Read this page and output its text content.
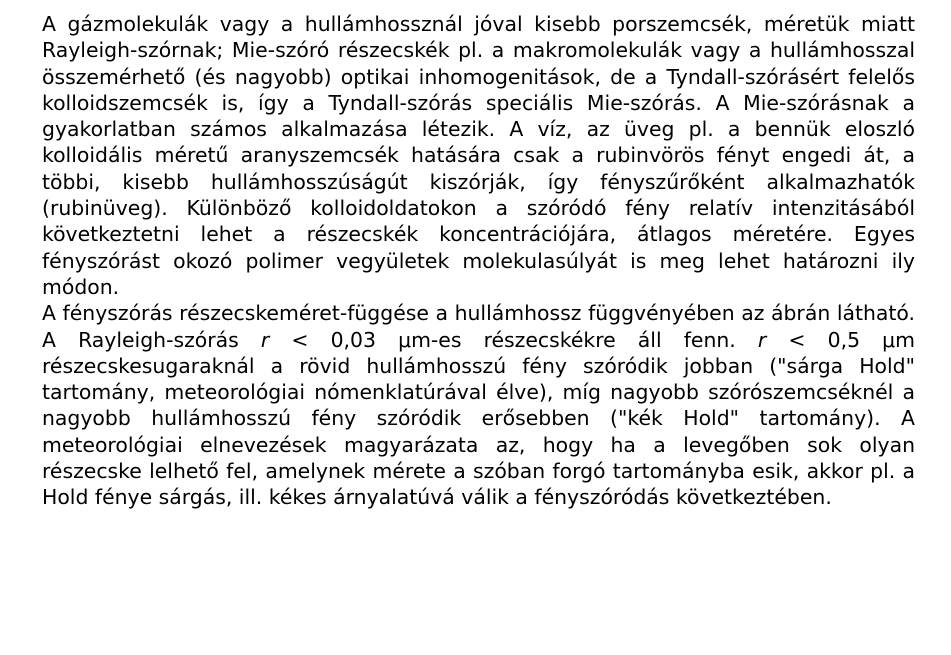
A gázmolekulák vagy a hullámhossznál jóval kisebb porszemcsék, méretük miatt Rayleigh-szórnak; Mie-szóró részecskék pl. a makromolekulák vagy a hullámhosszal összemérhető (és nagyobb) optikai inhomogenitások, de a Tyndall-szórásért felelős kolloidszemcsék is, így a Tyndall-szórás speciális Mie-szórás. A Mie-szórásnak a gyakorlatban számos alkalmazása létezik. A víz, az üveg pl. a bennük eloszló kolloidális méretű aranyszemcsék hatására csak a rubinvörös fényt engedi át, a többi, kisebb hullámhosszúságút kiszórják, így fényszűrőként alkalmazhatók (rubinüveg). Különböző kolloidoldatokon a szóródó fény relatív intenzitásából következtetni lehet a részecskék koncentrációjára, átlagos méretére. Egyes fényszórást okozó polimer vegyületek molekulasúlyát is meg lehet határozni ily módon.

A fényszórás részecskeméret-függése a hullámhossz függvényében az ábrán látható. A Rayleigh-szórás r < 0,03 μm-es részecskékre áll fenn. r < 0,5 μm részecskesugaraknál a rövid hullámhosszú fény szóródik jobban ("sárga Hold" tartomány, meteorológiai nómenklatúrával élve), míg nagyobb szórószemcséknél a nagyobb hullámhosszú fény szóródik erősebben ("kék Hold" tartomány). A meteorológiai elnevezések magyarázata az, hogy ha a levegőben sok olyan részecske lelhető fel, amelynek mérete a szóban forgó tartományba esik, akkor pl. a Hold fénye sárgás, ill. kékes árnyalatúvá válik a fényszóródás következtében.
